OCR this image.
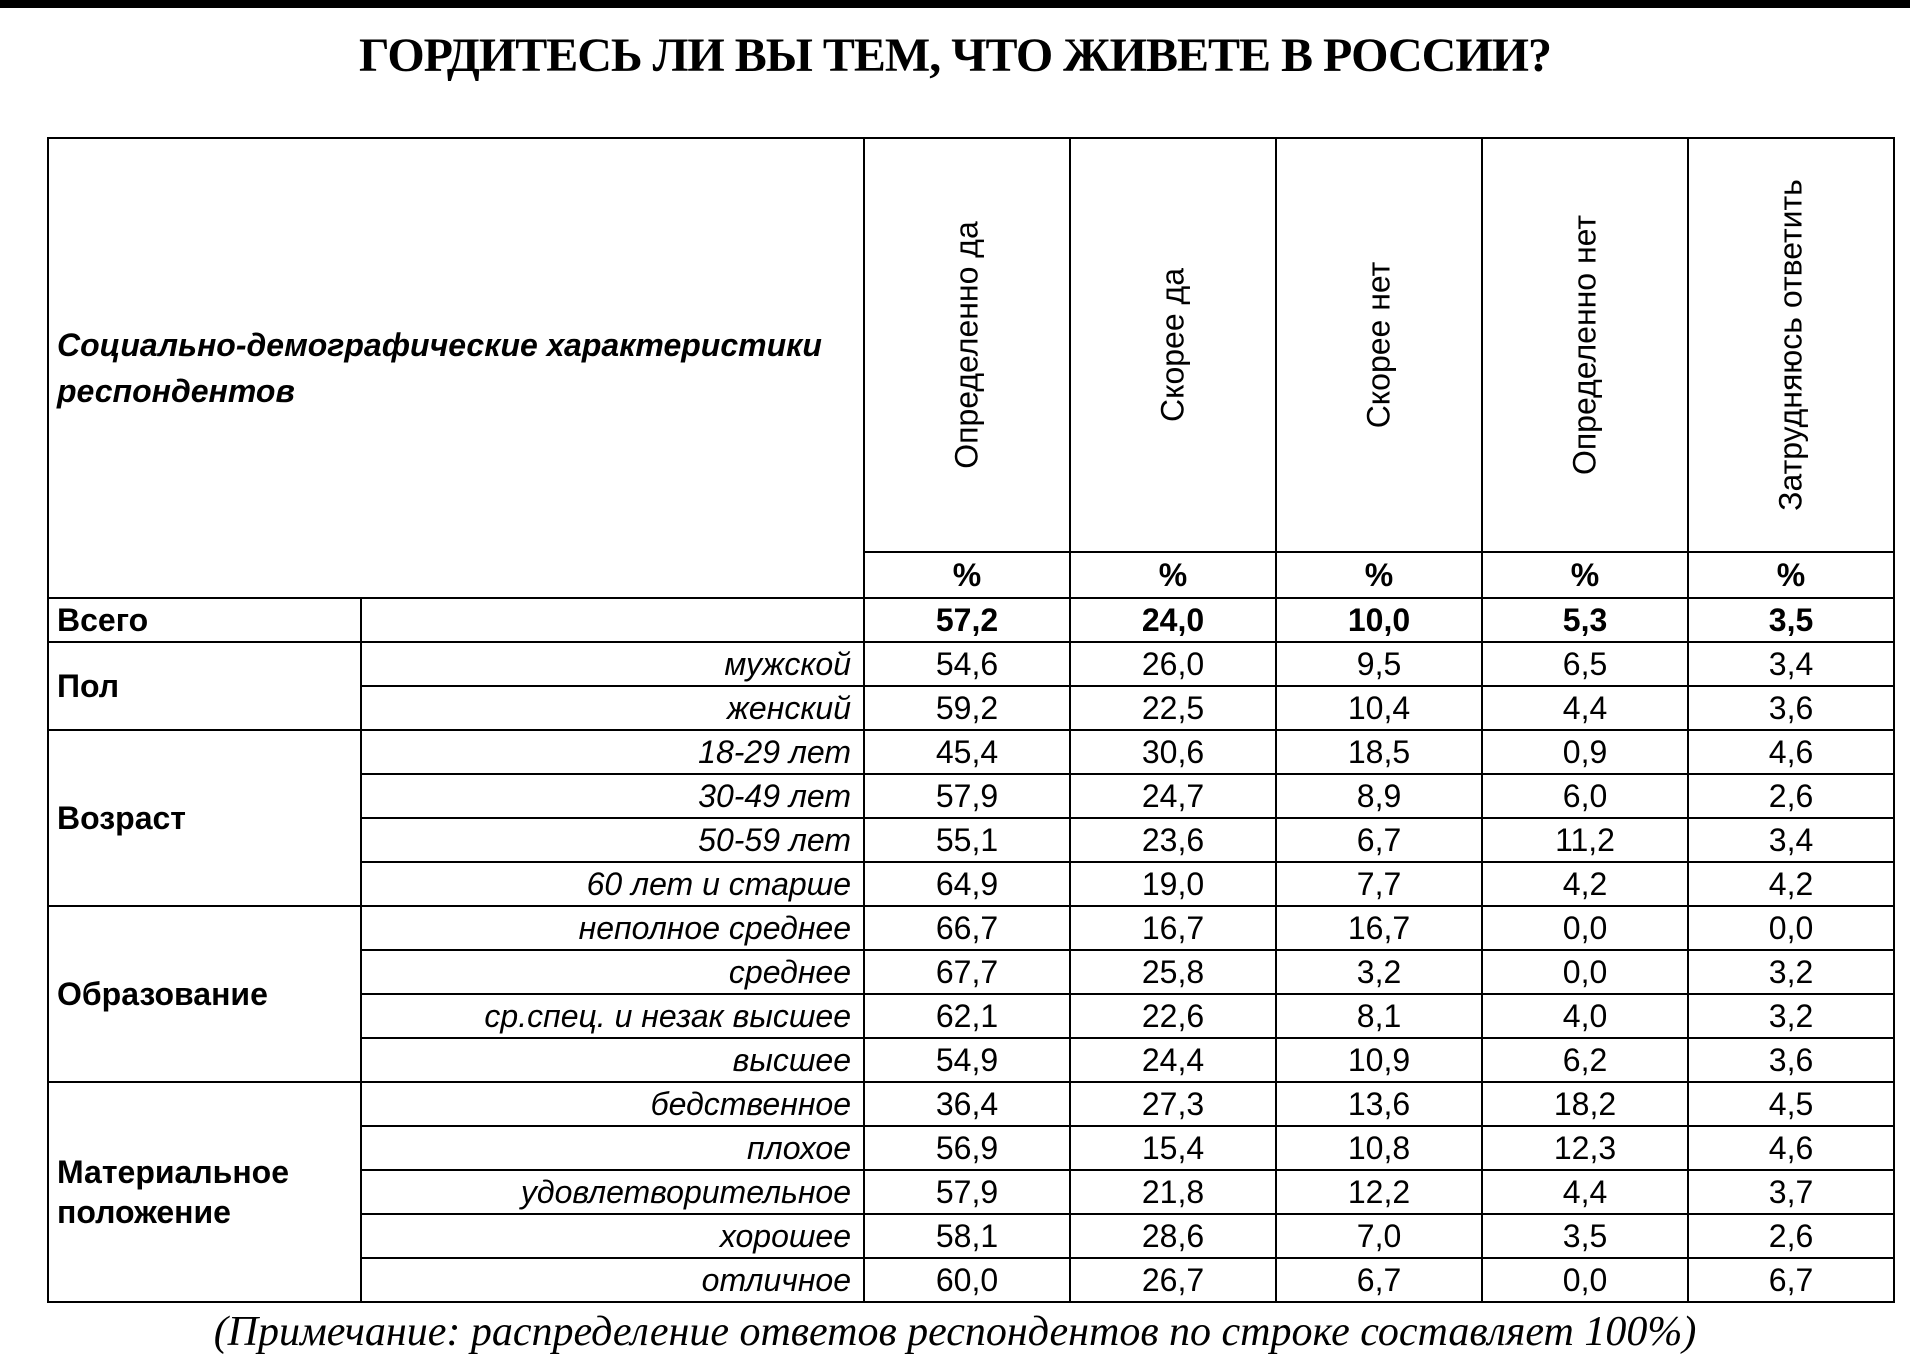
ГОРДИТЕСЬ ЛИ ВЫ ТЕМ, ЧТО ЖИВЕТЕ В РОССИИ?
Социально-демографические характеристики респондентов		Определенно да	Скорее да	Скорее нет	Определенно нет	Затрудняюсь ответить

		%	%	%	%	%
Всего		57,2	24,0	10,0	5,3	3,5
Пол	мужской	54,6	26,0	9,5	6,5	3,4
	женский	59,2	22,5	10,4	4,4	3,6
Возраст	18-29 лет	45,4	30,6	18,5	0,9	4,6
	30-49 лет	57,9	24,7	8,9	6,0	2,6
	50-59 лет	55,1	23,6	6,7	11,2	3,4
	60 лет и старше	64,9	19,0	7,7	4,2	4,2
Образование	неполное среднее	66,7	16,7	16,7	0,0	0,0
	среднее	67,7	25,8	3,2	0,0	3,2
	ср.спец. и незак высшее	62,1	22,6	8,1	4,0	3,2
	высшее	54,9	24,4	10,9	6,2	3,6
Материальное положение	бедственное	36,4	27,3	13,6	18,2	4,5
	плохое	56,9	15,4	10,8	12,3	4,6
	удовлетворительное	57,9	21,8	12,2	4,4	3,7
	хорошее	58,1	28,6	7,0	3,5	2,6
	отличное	60,0	26,7	6,7	0,0	6,7
(Примечание: распределение ответов респондентов по строке составляет 100%)
